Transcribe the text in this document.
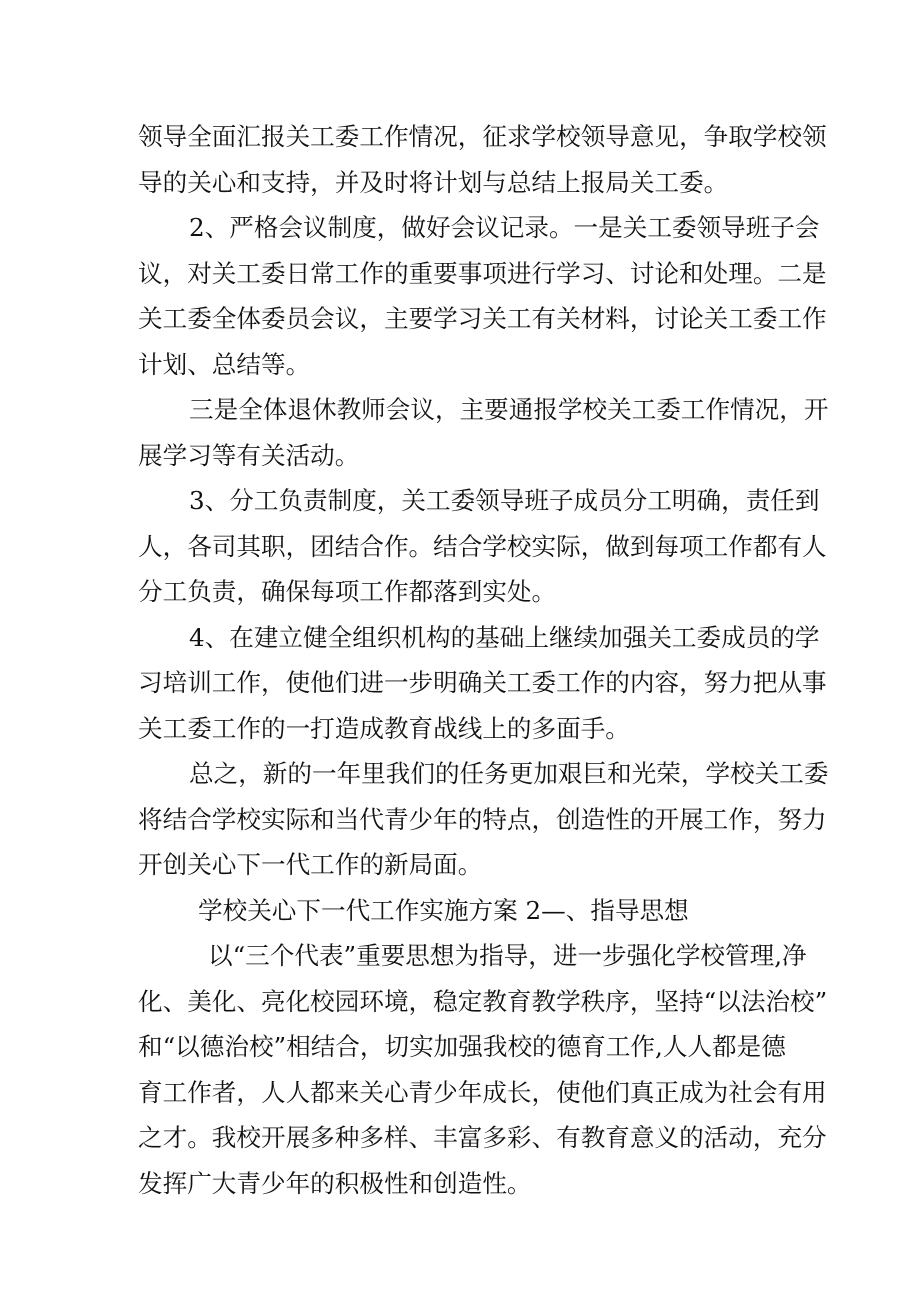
领导全面汇报关工委工作情况，征求学校领导意见，争取学校领
导的关心和支持，并及时将计划与总结上报局关工委。
2、严格会议制度，做好会议记录。一是关工委领导班子会
议，对关工委日常工作的重要事项进行学习、讨论和处理。二是
关工委全体委员会议，主要学习关工有关材料，讨论关工委工作
计划、总结等。
三是全体退休教师会议，主要通报学校关工委工作情况，开
展学习等有关活动。
3、分工负责制度，关工委领导班子成员分工明确，责任到
人，各司其职，团结合作。结合学校实际，做到每项工作都有人
分工负责，确保每项工作都落到实处。
4、在建立健全组织机构的基础上继续加强关工委成员的学
习培训工作，使他们进一步明确关工委工作的内容，努力把从事
关工委工作的一打造成教育战线上的多面手。
总之，新的一年里我们的任务更加艰巨和光荣，学校关工委
将结合学校实际和当代青少年的特点，创造性的开展工作，努力
开创关心下一代工作的新局面。
学校关心下一代工作实施方案 2—、指导思想
以“三个代表”重要思想为指导，进一步强化学校管理,净
化、美化、亮化校园环境，稳定教育教学秩序，坚持“以法治校”
和“以德治校”相结合，切实加强我校的德育工作,人人都是德
育工作者，人人都来关心青少年成长，使他们真正成为社会有用
之才。我校开展多种多样、丰富多彩、有教育意义的活动，充分
发挥广大青少年的积极性和创造性。
